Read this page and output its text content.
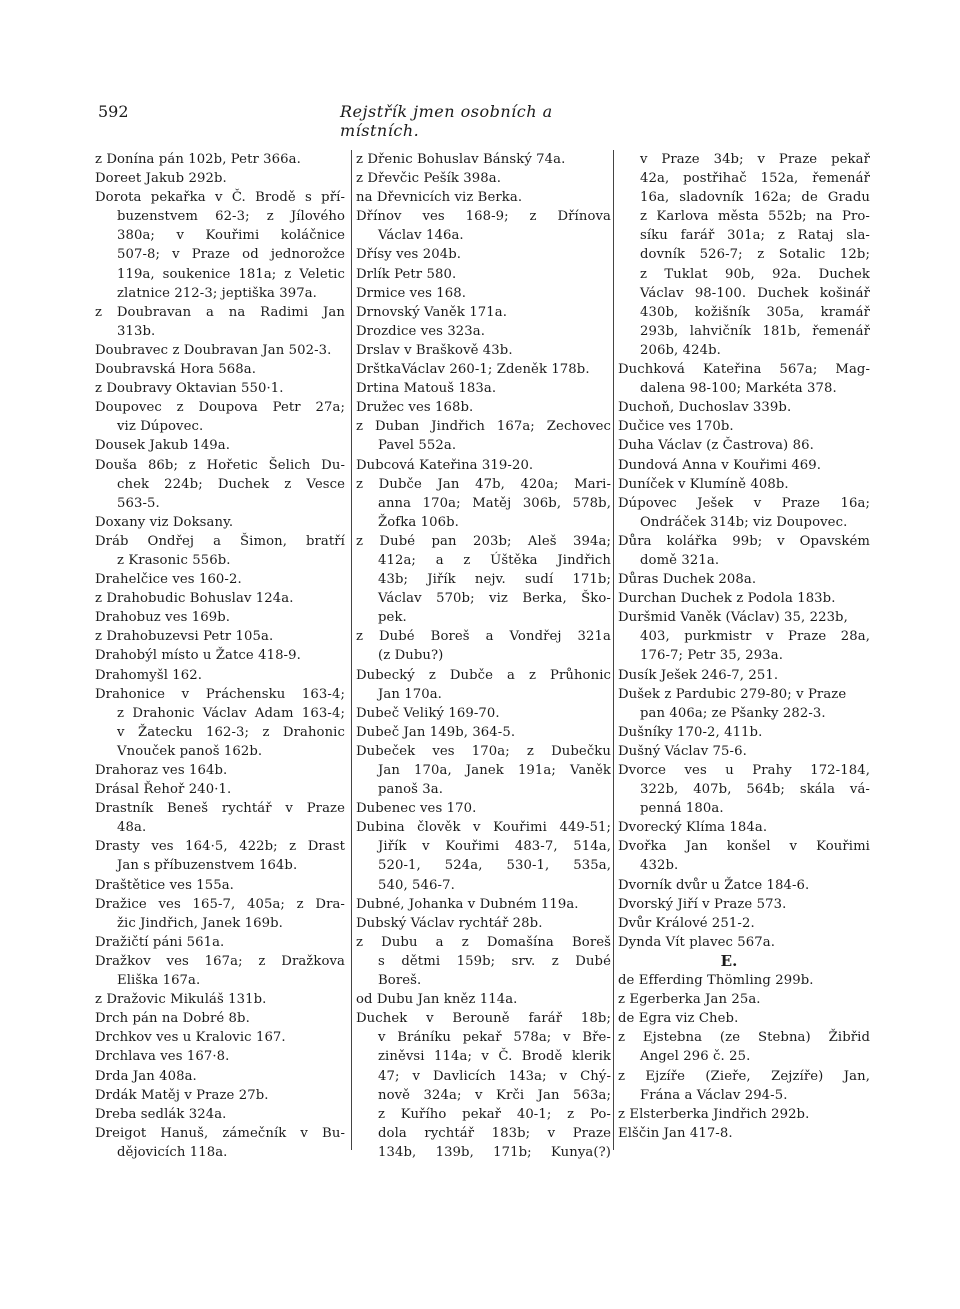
592	Rejstřík jmen osobních a místních.
z Donína pán 102b, Petr 366a.
Doreet Jakub 292b.
Dorota pekařka v Č. Brodě s pří-
buzenstvem 62-3; z Jílového
380a; v Kouřimi koláčnice
507-8; v Praze od jednorožce
119a, soukenice 181a; z Veletic
zlatnice 212-3; jeptiška 397a.
z Doubravan a na Radimi Jan
313b.
Doubravec z Doubravan Jan 502-3.
Doubravská Hora 568a.
z Doubravy Oktavian 550·1.
Doupovec z Doupova Petr 27a;
viz Dúpovec.
Dousek Jakub 149a.
Douša 86b; z Hořetic Šelich Du-
chek 224b; Duchek z Vesce
563-5.
Doxany viz Doksany.
Dráb Ondřej a Šimon, bratří
z Krasonic 556b.
Drahelčice ves 160-2.
z Drahobudic Bohuslav 124a.
Drahobuz ves 169b.
z Drahobuzevsi Petr 105a.
Drahobýl místo u Žatce 418-9.
Drahomyšl 162.
Drahonice v Práchensku 163-4;
z Drahonic Václav Adam 163-4;
v Žatecku 162-3; z Drahonic
Vnouček panoš 162b.
Drahoraz ves 164b.
Drásal Řehoř 240·1.
Drastník Beneš rychtář v Praze
48a.
Drasty ves 164·5, 422b; z Drast
Jan s příbuzenstvem 164b.
Draštětice ves 155a.
Dražice ves 165-7, 405a; z Dra-
žic Jindřich, Janek 169b.
Dražičtí páni 561a.
Dražkov ves 167a; z Dražkova
Eliška 167a.
z Dražovic Mikuláš 131b.
Drch pán na Dobré 8b.
Drchkov ves u Kralovic 167.
Drchlava ves 167·8.
Drda Jan 408a.
Drdák Matěj v Praze 27b.
Dreba sedlák 324a.
Dreigot Hanuš, zámečník v Bu-
dějovicích 118a.
z Dřenic Bohuslav Bánský 74a.
z Dřevčic Pešík 398a.
na Dřevnicích viz Berka.
Dřínov ves 168-9; z Dřínova
Václav 146a.
Dřísy ves 204b.
Drlík Petr 580.
Drmice ves 168.
Drnovský Vaněk 171a.
Drozdice ves 323a.
Drslav v Braškově 43b.
DrštkaVáclav 260-1; Zdeněk 178b.
Drtina Matouš 183a.
Družec ves 168b.
z Duban Jindřich 167a; Zechovec
Pavel 552a.
Dubcová Kateřina 319-20.
z Dubče Jan 47b, 420a; Mari-
anna 170a; Matěj 306b, 578b,
Žofka 106b.
z Dubé pan 203b; Aleš 394a;
412a; a z Úštěka Jindřich
43b; Jiřík nejv. sudí 171b;
Václav 570b; viz Berka, Ško-
pek.
z Dubé Boreš a Vondřej 321a
(z Dubu?)
Dubecký z Dubče a z Průhonic
Jan 170a.
Dubeč Veliký 169-70.
Dubeč Jan 149b, 364-5.
Dubeček ves 170a; z Dubečku
Jan 170a, Janek 191a; Vaněk
panoš 3a.
Dubenec ves 170.
Dubina člověk v Kouřimi 449-51;
Jiřík v Kouřimi 483-7, 514a,
520-1, 524a, 530-1, 535a,
540, 546-7.
Dubné, Johanka v Dubném 119a.
Dubský Václav rychtář 28b.
z Dubu a z Domašína Boreš
s dětmi 159b; srv. z Dubé
Boreš.
od Dubu Jan kněz 114a.
Duchek v Berouně farář 18b;
v Bráníku pekař 578a; v Bře-
ziněvsi 114a; v Č. Brodě klerik
47; v Davlicích 143a; v Chý-
nově 324a; v Krči Jan 563a;
z Kuřího pekař 40-1; z Po-
dola rychtář 183b; v Praze
134b, 139b, 171b; Kunya(?)
v Praze 34b; v Praze pekař
42a, postřihač 152a, řemenář
16a, sladovník 162a; de Gradu
z Karlova města 552b; na Pro-
síku farář 301a; z Rataj sla-
dovník 526-7; z Sotalic 12b;
z Tuklat 90b, 92a. Duchek
Václav 98-100. Duchek košinář
430b, kožišník 305a, kramář
293b, lahvičník 181b, řemenář
206b, 424b.
Duchková Kateřina 567a; Mag-
dalena 98-100; Markéta 378.
Duchoň, Duchoslav 339b.
Dučice ves 170b.
Duha Václav (z Častrova) 86.
Dundová Anna v Kouřimi 469.
Duníček v Klumíně 408b.
Dúpovec Ješek v Praze 16a;
Ondráček 314b; viz Doupovec.
Důra kolářka 99b; v Opavském
domě 321a.
Důras Duchek 208a.
Durchan Duchek z Podola 183b.
Duršmid Vaněk (Václav) 35, 223b,
403, purkmistr v Praze 28a,
176-7; Petr 35, 293a.
Dusík Ješek 246-7, 251.
Dušek z Pardubic 279-80; v Praze
pan 406a; ze Pšanky 282-3.
Dušníky 170-2, 411b.
Dušný Václav 75-6.
Dvorce ves u Prahy 172-184,
322b, 407b, 564b; skála vá-
penná 180a.
Dvorecký Klíma 184a.
Dvořka Jan konšel v Kouřimi
432b.
Dvorník dvůr u Žatce 184-6.
Dvorský Jiří v Praze 573.
Dvůr Králové 251-2.
Dynda Vít plavec 567a.
E.
de Efferding Thömling 299b.
z Egerberka Jan 25a.
de Egra viz Cheb.
z Ejstebna (ze Stebna) Žibřid
Angel 296 č. 25.
z Ejzíře (Zieře, Zejzíře) Jan,
Frána a Václav 294-5.
z Elsterberka Jindřich 292b.
Elščin Jan 417-8.
